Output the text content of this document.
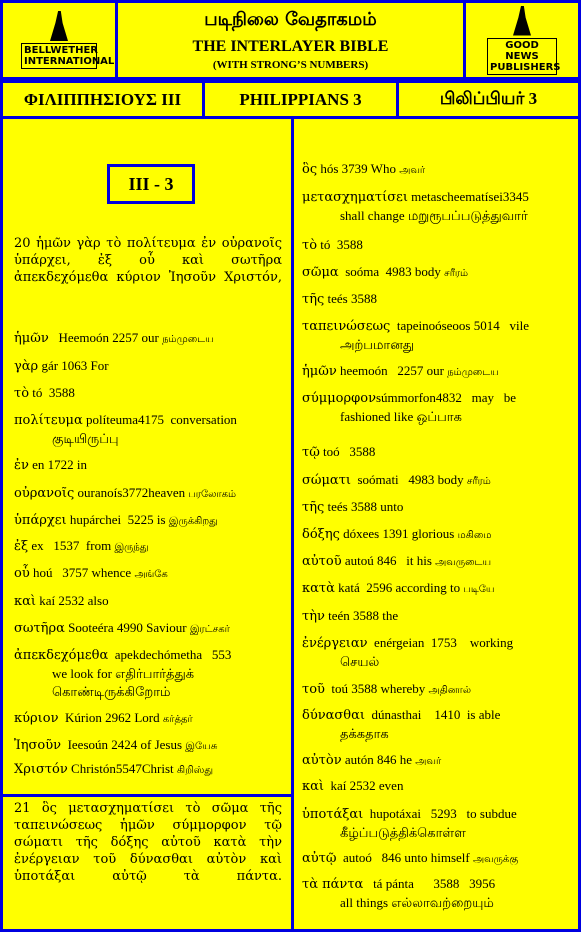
BELLWETHER INTERNATIONAL
படிநிலை வேதாகமம்
THE INTERLAYER BIBLE
(WITH STRONG’S NUMBERS)
GOOD NEWS PUBLISHERS
ΦΙΛΙΠΠΗΣΙΟΥΣ III	PHILIPPIANS 3	பிலிப்பியர் 3
III - 3
20 ἡμῶν γὰρ τὸ πολίτευμα ἐν οὐρανοῖς ὑπάρχει, ἐξ οὗ καὶ σωτῆρα ἀπεκδεχόμεθα κύριον Ἰησοῦν Χριστόν,
ἡμῶν   Heemoón 2257 our நம்முடைய
γὰρ gár 1063 For
τὸ tó  3588
πολίτευμα políteuma4175  conversation
குடியிருப்பு
ἐν en 1722 in
οὐρανοῖς ouranoís3772heaven பரலோகம்
ὑπάρχει hupárchei  5225 is இருக்கிறது
ἐξ ex   1537  from இருந்து
οὗ hoú   3757 whence அங்கே
καὶ kaí 2532 also
σωτῆρα Sooteéra 4990 Saviour இரட்சகர்
ἀπεκδεχόμεθα  apekdechómetha   553
we look for எதிர்பார்த்துக் கொண்டிருக்கிறோம்
κύριον  Kúrion 2962 Lord கர்த்தர்
Ἰησοῦν  Ieesoún 2424 of Jesus இயேசு
Χριστόν Christón5547Christ கிறிஸ்து
21 ὃς μετασχηματίσει τὸ σῶμα τῆς ταπεινώσεως ἡμῶν σύμμορφον τῷ σώματι τῆς δόξης αὐτοῦ κατὰ τὴν ἐνέργειαν τοῦ δύνασθαι αὐτὸν καὶ ὑποτάξαι αὐτῷ τὰ πάντα.
ὃς hós 3739 Who அவர்
μετασχηματίσει metascheematísei3345
shall change மறுரூபப்படுத்துவார்
τὸ tó  3588
σῶμα  soóma  4983 body சரீரம்
τῆς teés 3588
ταπεινώσεως  tapeinoóseoos 5014   vile
அற்பமானது
ἡμῶν heemoón   2257 our நம்முடைய
σύμμορφονsúmmorfon4832   may   be
fashioned like ஒப்பாக
τῷ toó   3588
σώματι  soómati   4983 body சரீரம்
τῆς teés 3588 unto
δόξης dóxees 1391 glorious மகிமை
αὐτοῦ autoú 846   it his அவருடைய
κατὰ katá  2596 according to படியே
τὴν teén 3588 the
ἐνέργειαν  enérgeian  1753    working
செயல்
τοῦ  toú 3588 whereby அதினால்
δύνασθαι  dúnasthai    1410  is able
தக்கதாக
αὐτὸν autón 846 he அவர்
καὶ  kaí 2532 even
ὑποτάξαι  hupotáxai   5293   to subdue
கீழ்ப்படுத்திக்கொள்ள
αὐτῷ  autoó   846 unto himself அவருக்கு
τὰ πάντα   tá pánta      3588   3956
all things எல்லாவற்றையும்
